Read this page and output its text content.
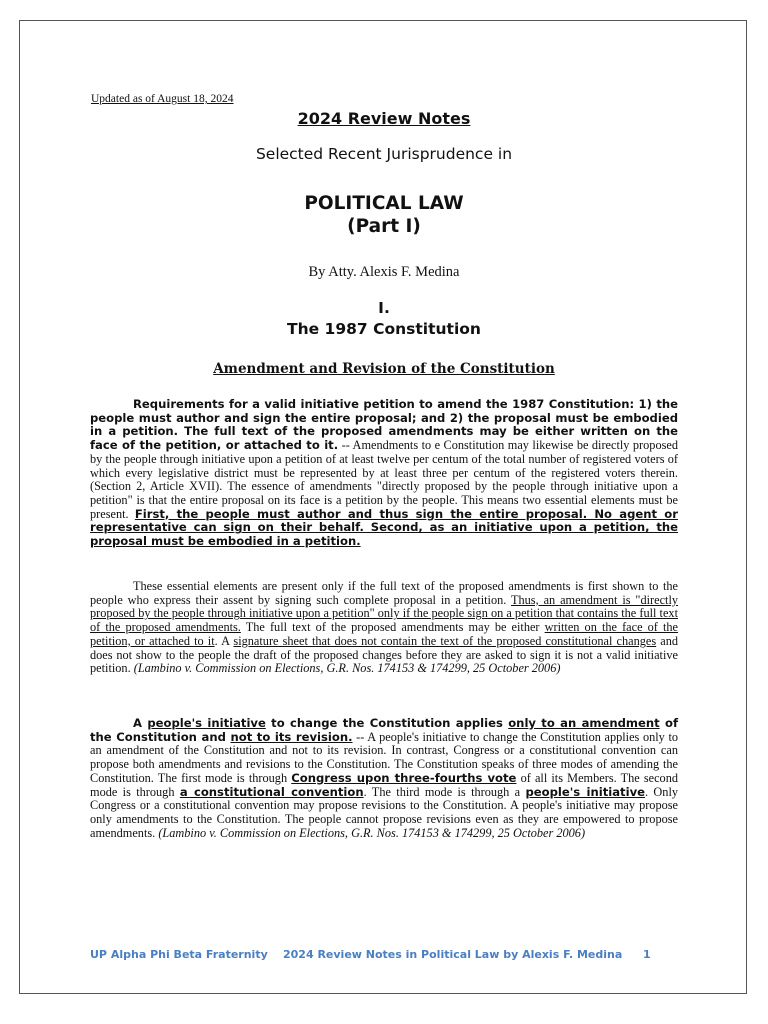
Updated as of August 18, 2024
2024 Review Notes
Selected Recent Jurisprudence in
POLITICAL LAW
(Part I)
By Atty. Alexis F. Medina
I.
The 1987 Constitution
Amendment and Revision of the Constitution
Requirements for a valid initiative petition to amend the 1987 Constitution: 1) the people must author and sign the entire proposal; and 2) the proposal must be embodied in a petition. The full text of the proposed amendments may be either written on the face of the petition, or attached to it. -- Amendments to e Constitution may likewise be directly proposed by the people through initiative upon a petition of at least twelve per centum of the total number of registered voters of which every legislative district must be represented by at least three per centum of the registered voters therein. (Section 2, Article XVII). The essence of amendments "directly proposed by the people through initiative upon a petition" is that the entire proposal on its face is a petition by the people. This means two essential elements must be present. First, the people must author and thus sign the entire proposal. No agent or representative can sign on their behalf. Second, as an initiative upon a petition, the proposal must be embodied in a petition.
These essential elements are present only if the full text of the proposed amendments is first shown to the people who express their assent by signing such complete proposal in a petition. Thus, an amendment is "directly proposed by the people through initiative upon a petition" only if the people sign on a petition that contains the full text of the proposed amendments. The full text of the proposed amendments may be either written on the face of the petition, or attached to it. A signature sheet that does not contain the text of the proposed constitutional changes and does not show to the people the draft of the proposed changes before they are asked to sign it is not a valid initiative petition. (Lambino v. Commission on Elections, G.R. Nos. 174153 & 174299, 25 October 2006)
A people's initiative to change the Constitution applies only to an amendment of the Constitution and not to its revision. -- A people's initiative to change the Constitution applies only to an amendment of the Constitution and not to its revision. In contrast, Congress or a constitutional convention can propose both amendments and revisions to the Constitution. The Constitution speaks of three modes of amending the Constitution. The first mode is through Congress upon three-fourths vote of all its Members. The second mode is through a constitutional convention. The third mode is through a people's initiative. Only Congress or a constitutional convention may propose revisions to the Constitution. A people's initiative may propose only amendments to the Constitution. The people cannot propose revisions even as they are empowered to propose amendments. (Lambino v. Commission on Elections, G.R. Nos. 174153 & 174299, 25 October 2006)
UP Alpha Phi Beta Fraternity 2024 Review Notes in Political Law by Alexis F. Medina 1
